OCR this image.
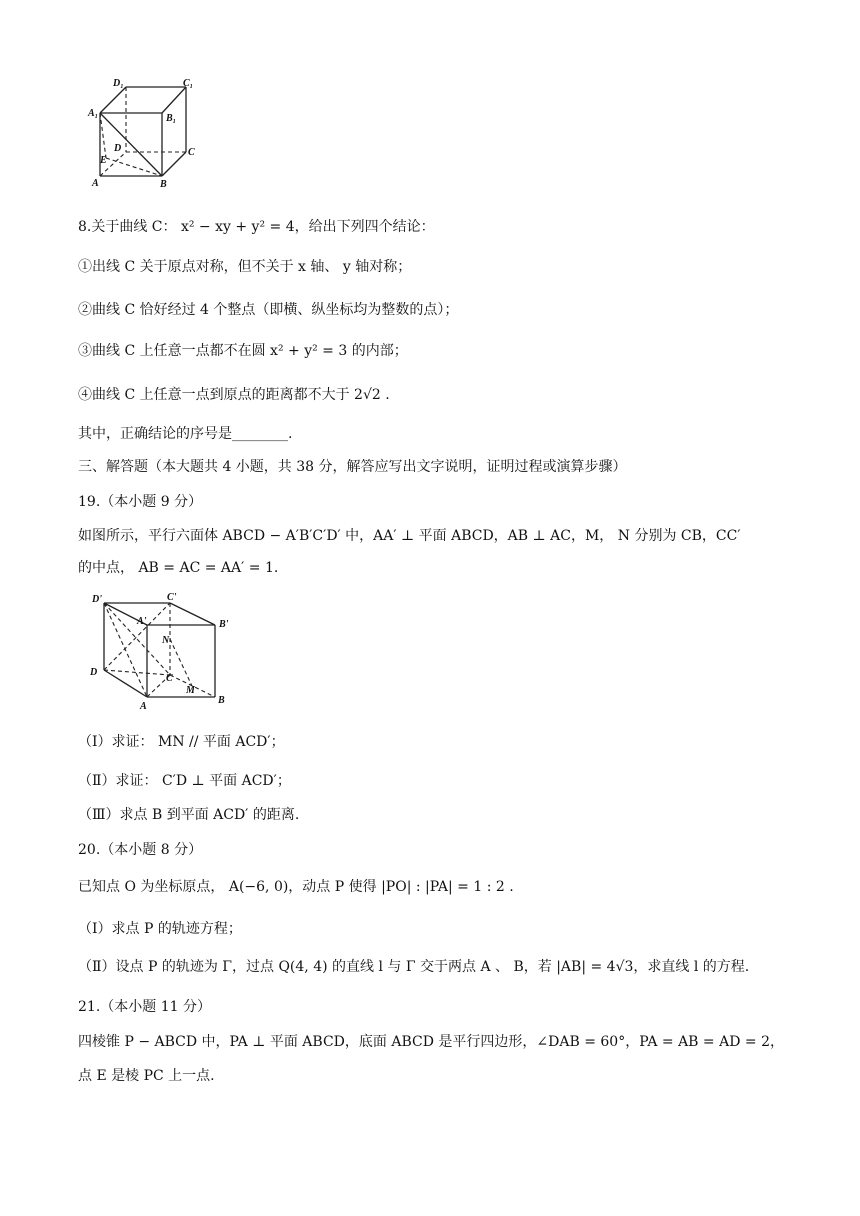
D₁	C₁
A₁	B₁
D	C
E
A	B
8.关于曲线 C： x² − xy + y² = 4，给出下列四个结论：
①出线 C 关于原点对称，但不关于 x 轴、 y 轴对称；
②曲线 C 恰好经过 4 个整点（即横、纵坐标均为整数的点）；
③曲线 C 上任意一点都不在圆 x² + y² = 3 的内部；
④曲线 C 上任意一点到原点的距离都不大于 2√2 .
其中，正确结论的序号是________.
三、解答题（本大题共 4 小题，共 38 分，解答应写出文字说明，证明过程或演算步骤）
19.（本小题 9 分）
如图所示，平行六面体 ABCD − A′B′C′D′ 中，AA′ ⊥ 平面 ABCD，AB ⊥ AC，M， N 分别为 CB，CC′
的中点， AB = AC = AA′ = 1.
D'	C'
A'	B'
N
D
C
M
A
B
（Ⅰ）求证： MN // 平面 ACD′；
（Ⅱ）求证： C′D ⊥ 平面 ACD′；
（Ⅲ）求点 B 到平面 ACD′ 的距离.
20.（本小题 8 分）
已知点 O 为坐标原点， A(−6, 0)，动点 P 使得 |PO| : |PA| = 1 : 2 .
（Ⅰ）求点 P 的轨迹方程；
（Ⅱ）设点 P 的轨迹为 Γ，过点 Q(4, 4) 的直线 l 与 Γ 交于两点 A 、 B，若 |AB| = 4√3，求直线 l 的方程.
21.（本小题 11 分）
四棱锥 P − ABCD 中，PA ⊥ 平面 ABCD，底面 ABCD 是平行四边形，∠DAB = 60°，PA = AB = AD = 2，
点 E 是棱 PC 上一点.
